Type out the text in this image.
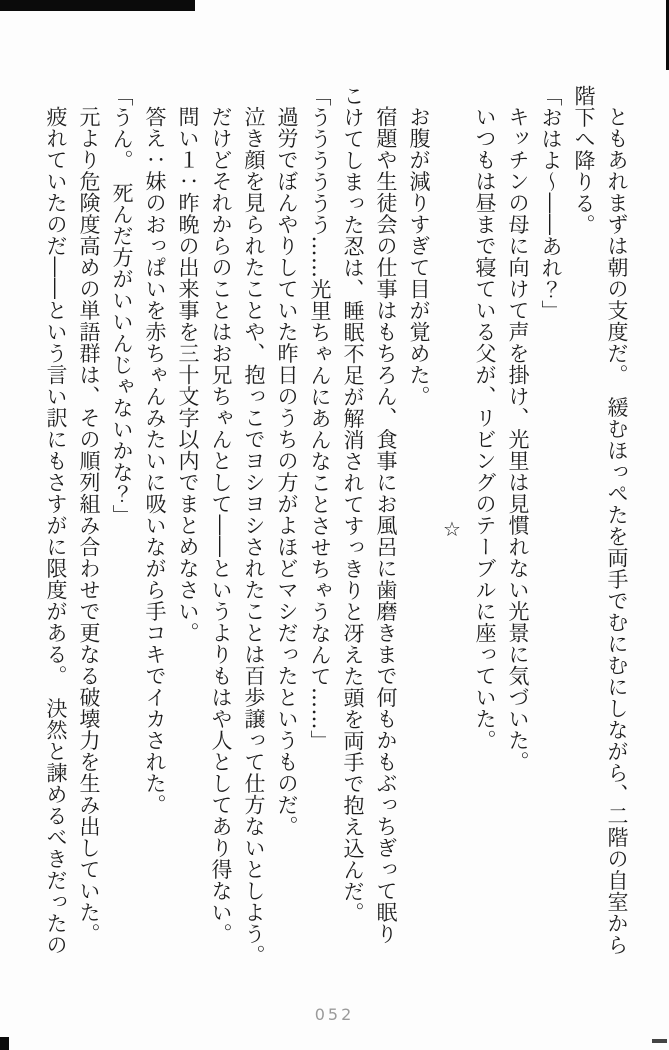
ともあれまずは朝の支度だ。　緩むほっぺたを両手でむにむにしながら、二階の自室から

階下へ降りる。

「おはよ～――あれ？」

キッチンの母に向けて声を掛け、光里は見慣れない光景に気づいた。

いつもは昼まで寝ている父が、リビングのテーブルに座っていた。

☆

お腹が減りすぎて目が覚めた。

宿題や生徒会の仕事はもちろん、食事にお風呂に歯磨きまで何もかもぶっちぎって眠り

こけてしまった忍は、睡眠不足が解消されてすっきりと冴えた頭を両手で抱え込んだ。

「うううううう……光里ちゃんにあんなことさせちゃうなんて……」

過労でぼんやりしていた昨日のうちの方がよほどマシだったというものだ。

泣き顔を見られたことや、抱っこでヨシヨシされたことは百歩譲って仕方ないとしよう。

だけどそれからのことはお兄ちゃんとして――というよりもはや人としてあり得ない。

問い１：昨晩の出来事を三十文字以内でまとめなさい。

答え：妹のおっぱいを赤ちゃんみたいに吸いながら手コキでイカされた。

「うん。　死んだ方がいいんじゃないかな？」

元より危険度高めの単語群は、その順列組み合わせで更なる破壊力を生み出していた。

疲れていたのだ――という言い訳にもさすがに限度がある。　決然と諫めるべきだったの

052
